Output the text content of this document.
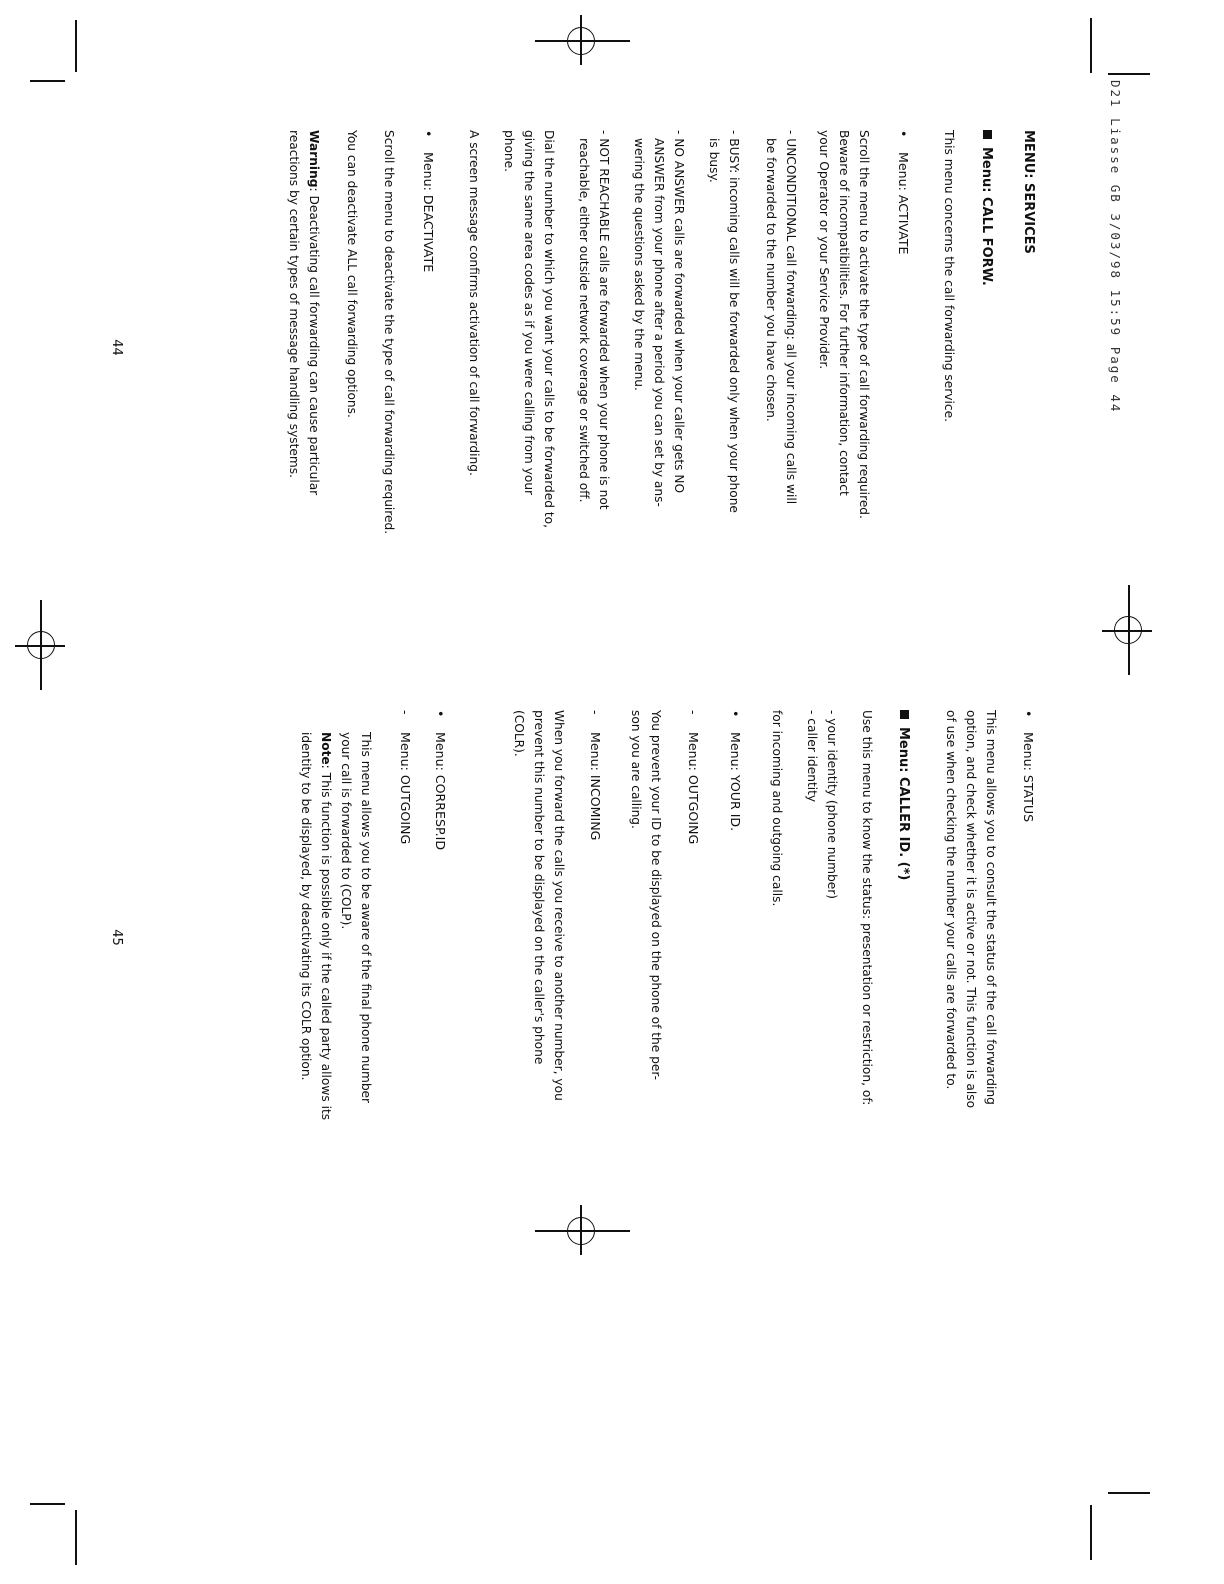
D21 Liasse GB 3/03/98 15:59 Page 44
MENU: SERVICES
Menu: CALL FORW.
This menu concerns the call forwarding service.
•Menu: ACTIVATE
Scroll the menu to activate the type of call forwarding required.
Beware of incompatibilities. For further information, contact
your Operator or your Service Provider.
- UNCONDITIONAL call forwarding: all your incoming calls will
be forwarded to the number you have chosen.
- BUSY: incoming calls will be forwarded only when your phone
is busy.
- NO ANSWER calls are forwarded when your caller gets NO
ANSWER from your phone after a period you can set by ans-
wering the questions asked by the menu.
- NOT REACHABLE calls are forwarded when your phone is not
reachable, either outside network coverage or switched off.
Dial the number to which you want your calls to be forwarded to,
giving the same area codes as if you were calling from your
phone.
A screen message confirms activation of call forwarding.
•Menu: DEACTIVATE
Scroll the menu to deactivate the type of call forwarding required.
You can deactivate ALL call forwarding options.
Warning: Deactivating call forwarding can cause particular
reactions by certain types of message handling systems.
44
•Menu: STATUS
This menu allows you to consult the status of the call forwarding
option, and check whether it is active or not. This function is also
of use when checking the number your calls are forwarded to.
Menu: CALLER ID. (*)
Use this menu to know the status: presentation or restriction, of:
- your identity (phone number)
- caller identity
for incoming and outgoing calls.
•Menu: YOUR ID.
-Menu: OUTGOING
You prevent your ID to be displayed on the phone of the per-
son you are calling.
-Menu: INCOMING
When you forward the calls you receive to another number, you
prevent this number to be displayed on the caller's phone
(COLR).
•Menu: CORRESP.ID
-Menu: OUTGOING
This menu allows you to be aware of the final phone number
your call is forwarded to (COLP).
Note: This function is possible only if the called party allows its
identity to be displayed, by deactivating its COLR option.
45
